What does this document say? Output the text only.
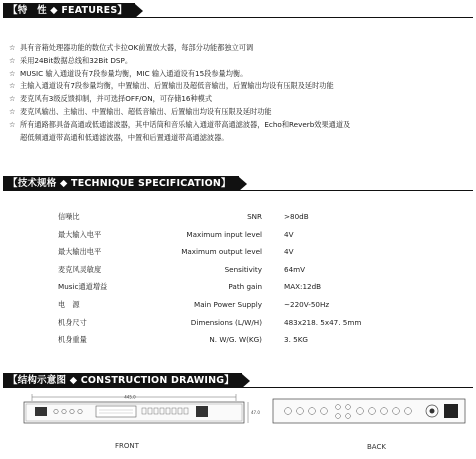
【特　性 ◆ FEATURES】
☆ 具有音箱处理器功能的数位式卡拉OK前置放大器，每部分功能都独立可调
☆ 采用24Bit数据总线和32Bit DSP。
☆ MUSIC 输入通道设有7段参量均衡，MIC 输入通道设有15段参量均衡。
☆ 主输入通道设有7段参量均衡，中置输出、后置输出及超低音输出，后置输出均设有压限及延时功能
☆ 麦克风有3级反馈抑制，并可选择OFF/ON，可存储16种模式
☆ 麦克风输出、主输出、中置输出、超低音输出、后置输出均设有压限及延时功能
☆ 所有通路都具备高通或低通滤波器，其中话筒和音乐输入通道带高通滤波器，Echo和Reverb效果通道及
超低频通道带高通和低通滤波器，中置和后置通道带高通滤波器。
【技术规格 ◆ TECHNIQUE SPECIFICATION】
信噪比	SNR	>80dB
最大输入电平	Maximum input level	4V
最大输出电平	Maximum output level	4V
麦克风灵敏度	Sensitivity	64mV
Music通道增益	Path gain	MAX:12dB
电　源	Main Power Supply	~220V-50Hz
机身尺寸	Dimensions (L/W/H)	483x218. 5x47. 5mm
机身重量	N. W/G. W(KG)	3. 5KG
【结构示意图 ◆ CONSTRUCTION DRAWING】
445.0
47.0
FRONT	BACK
